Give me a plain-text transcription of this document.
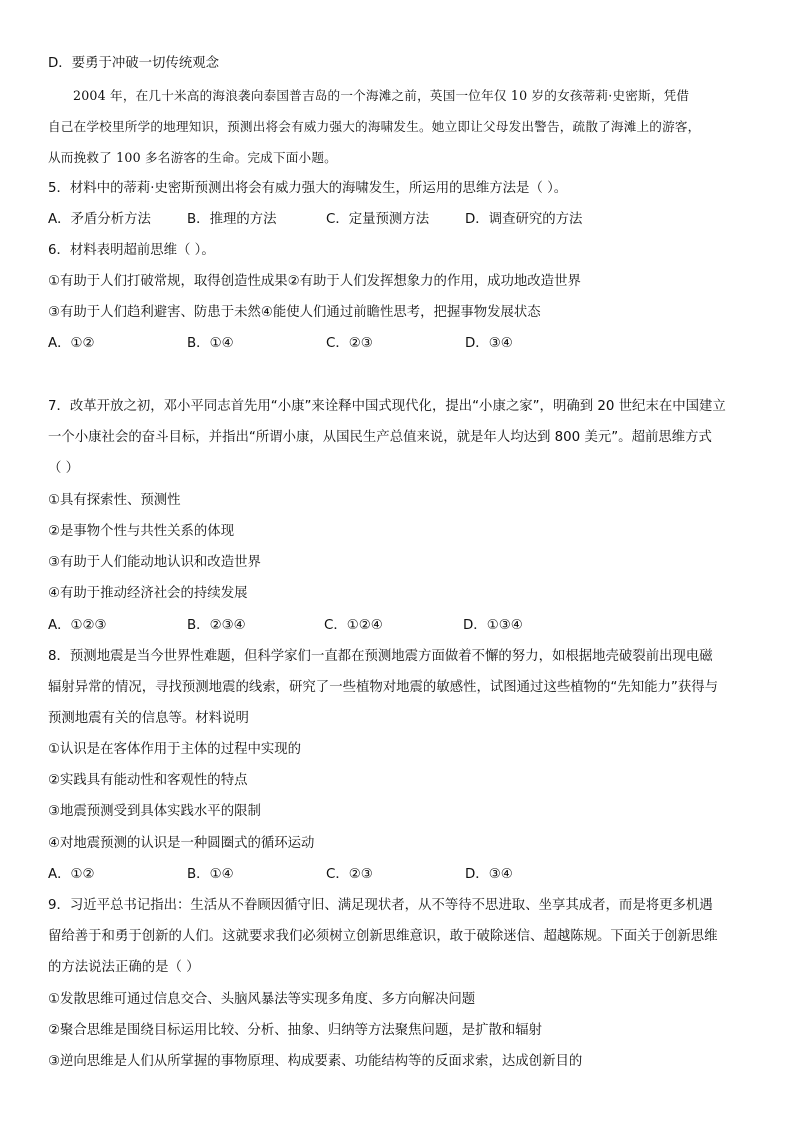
D．要勇于冲破一切传统观念
2004 年，在几十米高的海浪袭向泰国普吉岛的一个海滩之前，英国一位年仅 10 岁的女孩蒂莉·史密斯，凭借
自己在学校里所学的地理知识，预测出将会有威力强大的海啸发生。她立即让父母发出警告，疏散了海滩上的游客，
从而挽救了 100 多名游客的生命。完成下面小题。
5．材料中的蒂莉·史密斯预测出将会有威力强大的海啸发生，所运用的思维方法是（ ）。
A．矛盾分析方法	B．推理的方法	C．定量预测方法	D．调查研究的方法
6．材料表明超前思维（ ）。
①有助于人们打破常规，取得创造性成果②有助于人们发挥想象力的作用，成功地改造世界
③有助于人们趋利避害、防患于未然④能使人们通过前瞻性思考，把握事物发展状态
A．①②	B．①④	C．②③	D．③④
7．改革开放之初，邓小平同志首先用“小康”来诠释中国式现代化，提出“小康之家”，明确到 20 世纪末在中国建立
一个小康社会的奋斗目标，并指出“所谓小康，从国民生产总值来说，就是年人均达到 800 美元”。超前思维方式
（ ）
①具有探索性、预测性
②是事物个性与共性关系的体现
③有助于人们能动地认识和改造世界
④有助于推动经济社会的持续发展
A．①②③	B．②③④	C．①②④	D．①③④
8．预测地震是当今世界性难题，但科学家们一直都在预测地震方面做着不懈的努力，如根据地壳破裂前出现电磁
辐射异常的情况，寻找预测地震的线索，研究了一些植物对地震的敏感性，试图通过这些植物的“先知能力”获得与
预测地震有关的信息等。材料说明
①认识是在客体作用于主体的过程中实现的
②实践具有能动性和客观性的特点
③地震预测受到具体实践水平的限制
④对地震预测的认识是一种圆圈式的循环运动
A．①②	B．①④	C．②③	D．③④
9．习近平总书记指出：生活从不眷顾因循守旧、满足现状者，从不等待不思进取、坐享其成者，而是将更多机遇
留给善于和勇于创新的人们。这就要求我们必须树立创新思维意识，敢于破除迷信、超越陈规。下面关于创新思维
的方法说法正确的是（ ）
①发散思维可通过信息交合、头脑风暴法等实现多角度、多方向解决问题
②聚合思维是围绕目标运用比较、分析、抽象、归纳等方法聚焦问题，是扩散和辐射
③逆向思维是人们从所掌握的事物原理、构成要素、功能结构等的反面求索，达成创新目的
